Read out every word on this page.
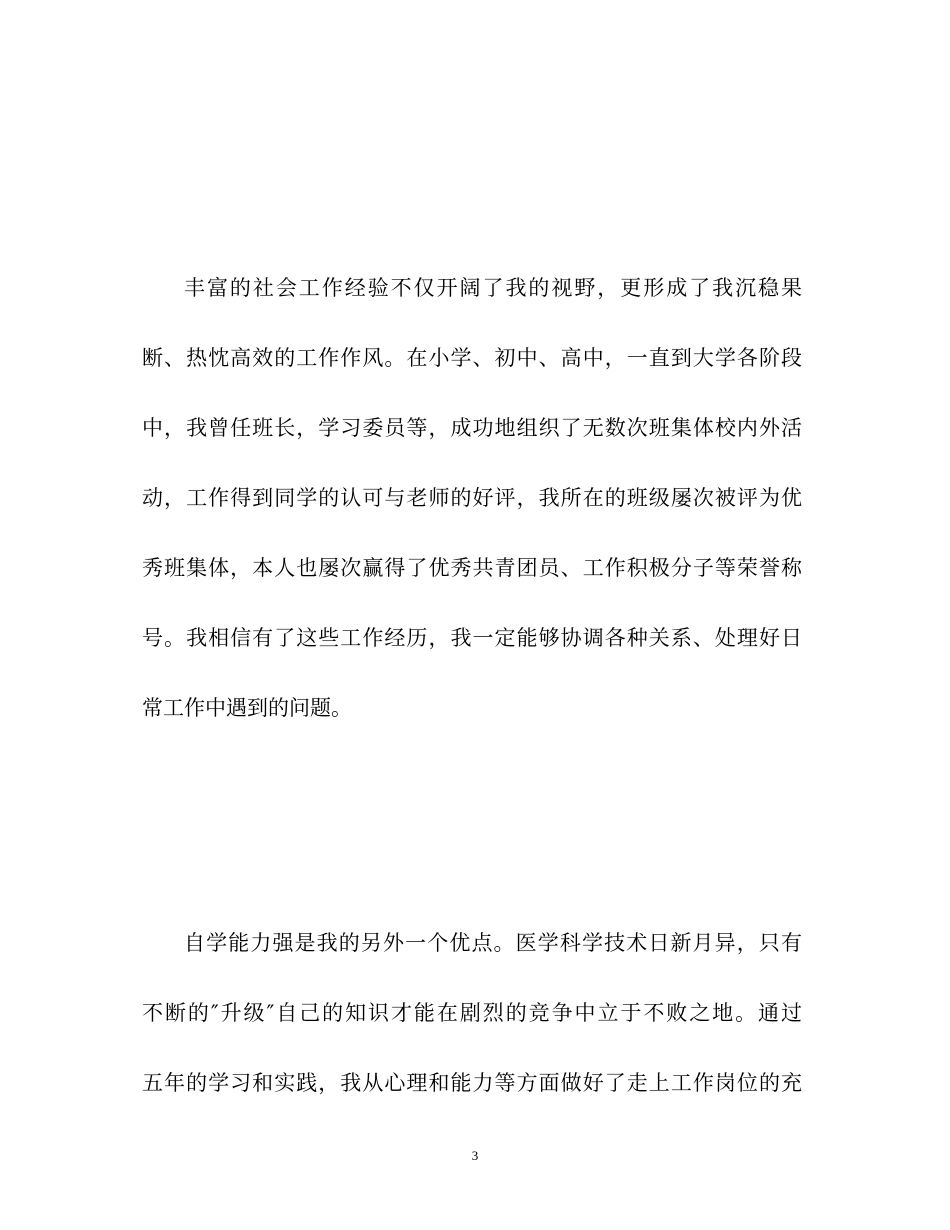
丰富的社会工作经验不仅开阔了我的视野，更形成了我沉稳果
断、热忱高效的工作作风。在小学、初中、高中，一直到大学各阶段
中，我曾任班长，学习委员等，成功地组织了无数次班集体校内外活
动，工作得到同学的认可与老师的好评，我所在的班级屡次被评为优
秀班集体，本人也屡次赢得了优秀共青团员、工作积极分子等荣誉称
号。我相信有了这些工作经历，我一定能够协调各种关系、处理好日
常工作中遇到的问题。
自学能力强是我的另外一个优点。医学科学技术日新月异，只有
不断的″升级″自己的知识才能在剧烈的竞争中立于不败之地。通过
五年的学习和实践，我从心理和能力等方面做好了走上工作岗位的充
3
